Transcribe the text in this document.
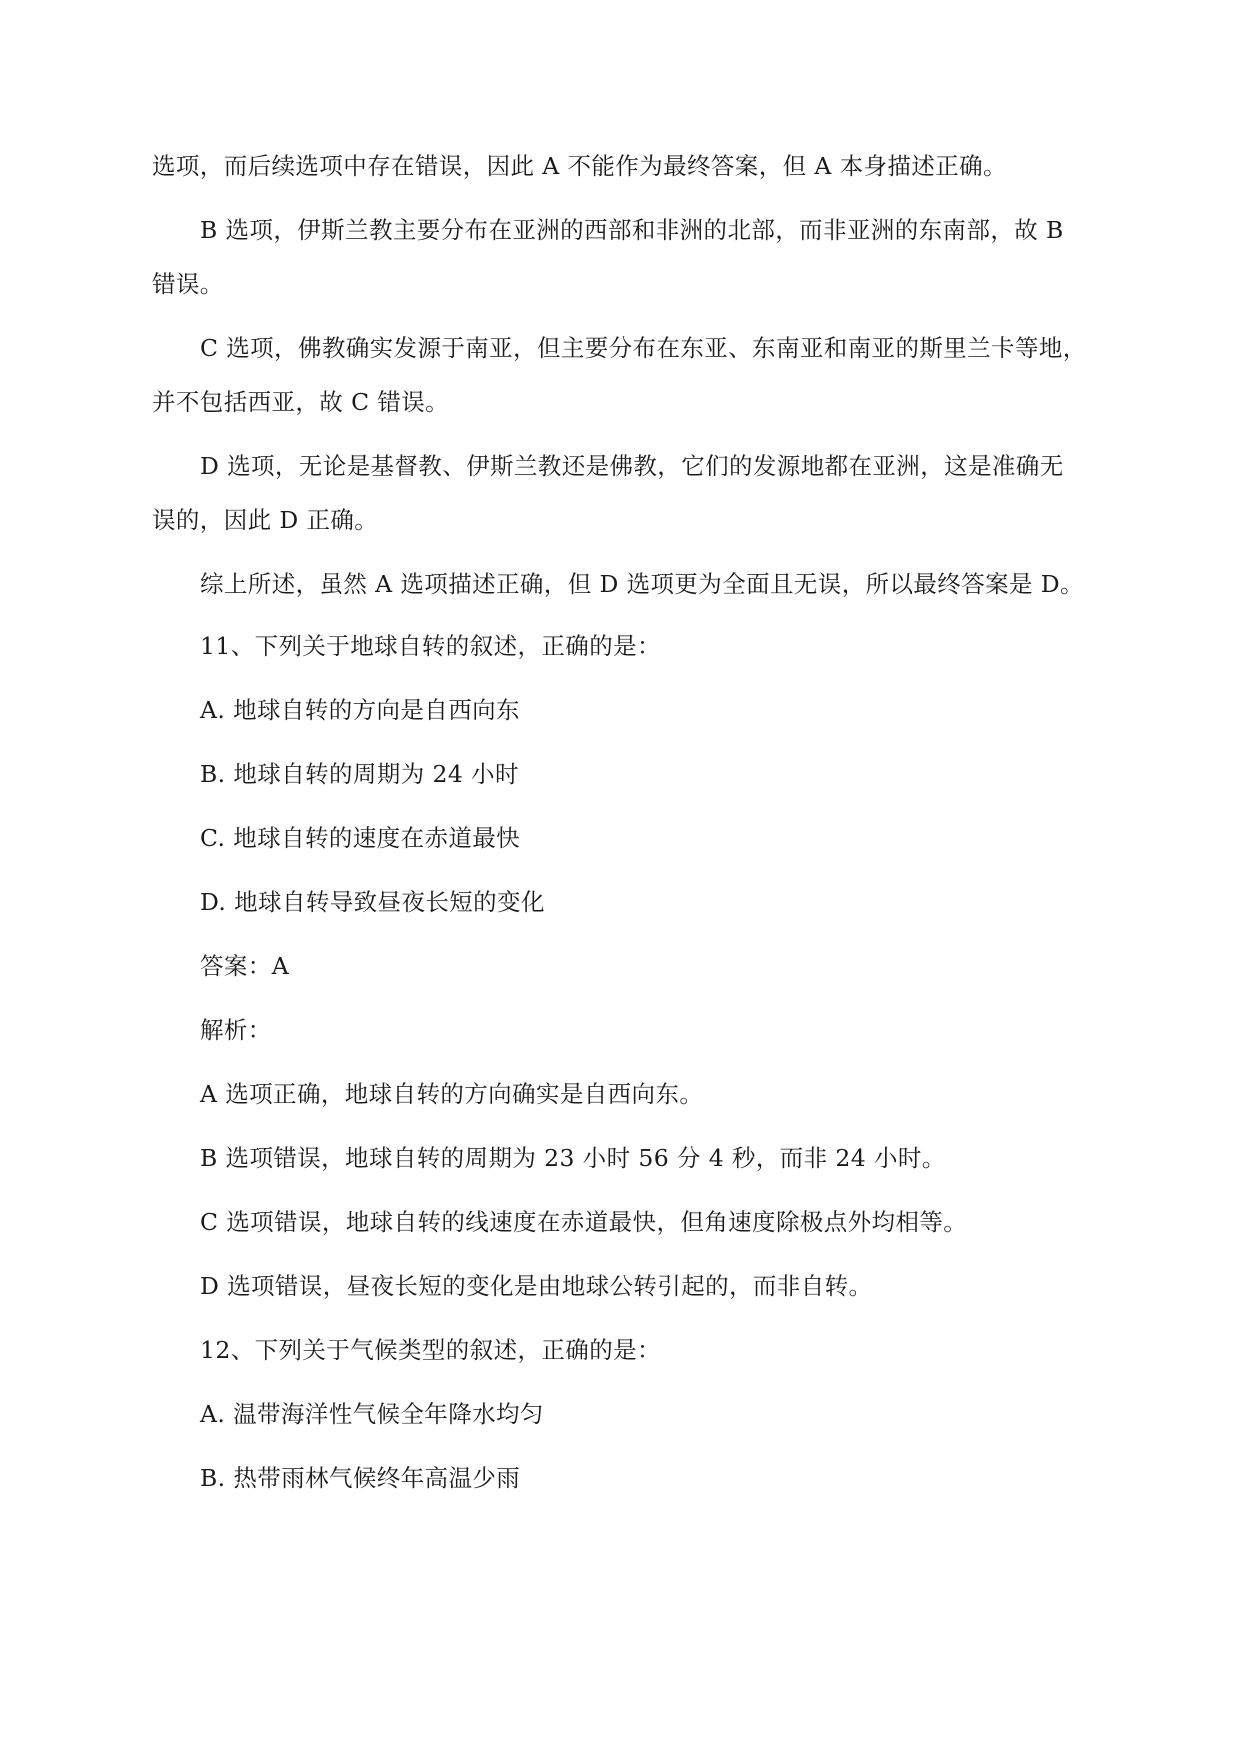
选项，而后续选项中存在错误，因此 A 不能作为最终答案，但 A 本身描述正确。
B 选项，伊斯兰教主要分布在亚洲的西部和非洲的北部，而非亚洲的东南部，故 B
错误。
C 选项，佛教确实发源于南亚，但主要分布在东亚、东南亚和南亚的斯里兰卡等地，
并不包括西亚，故 C 错误。
D 选项，无论是基督教、伊斯兰教还是佛教，它们的发源地都在亚洲，这是准确无
误的，因此 D 正确。
综上所述，虽然 A 选项描述正确，但 D 选项更为全面且无误，所以最终答案是 D。
11、下列关于地球自转的叙述，正确的是：
A. 地球自转的方向是自西向东
B. 地球自转的周期为 24 小时
C. 地球自转的速度在赤道最快
D. 地球自转导致昼夜长短的变化
答案：A
解析：
A 选项正确，地球自转的方向确实是自西向东。
B 选项错误，地球自转的周期为 23 小时 56 分 4 秒，而非 24 小时。
C 选项错误，地球自转的线速度在赤道最快，但角速度除极点外均相等。
D 选项错误，昼夜长短的变化是由地球公转引起的，而非自转。
12、下列关于气候类型的叙述，正确的是：
A. 温带海洋性气候全年降水均匀
B. 热带雨林气候终年高温少雨
